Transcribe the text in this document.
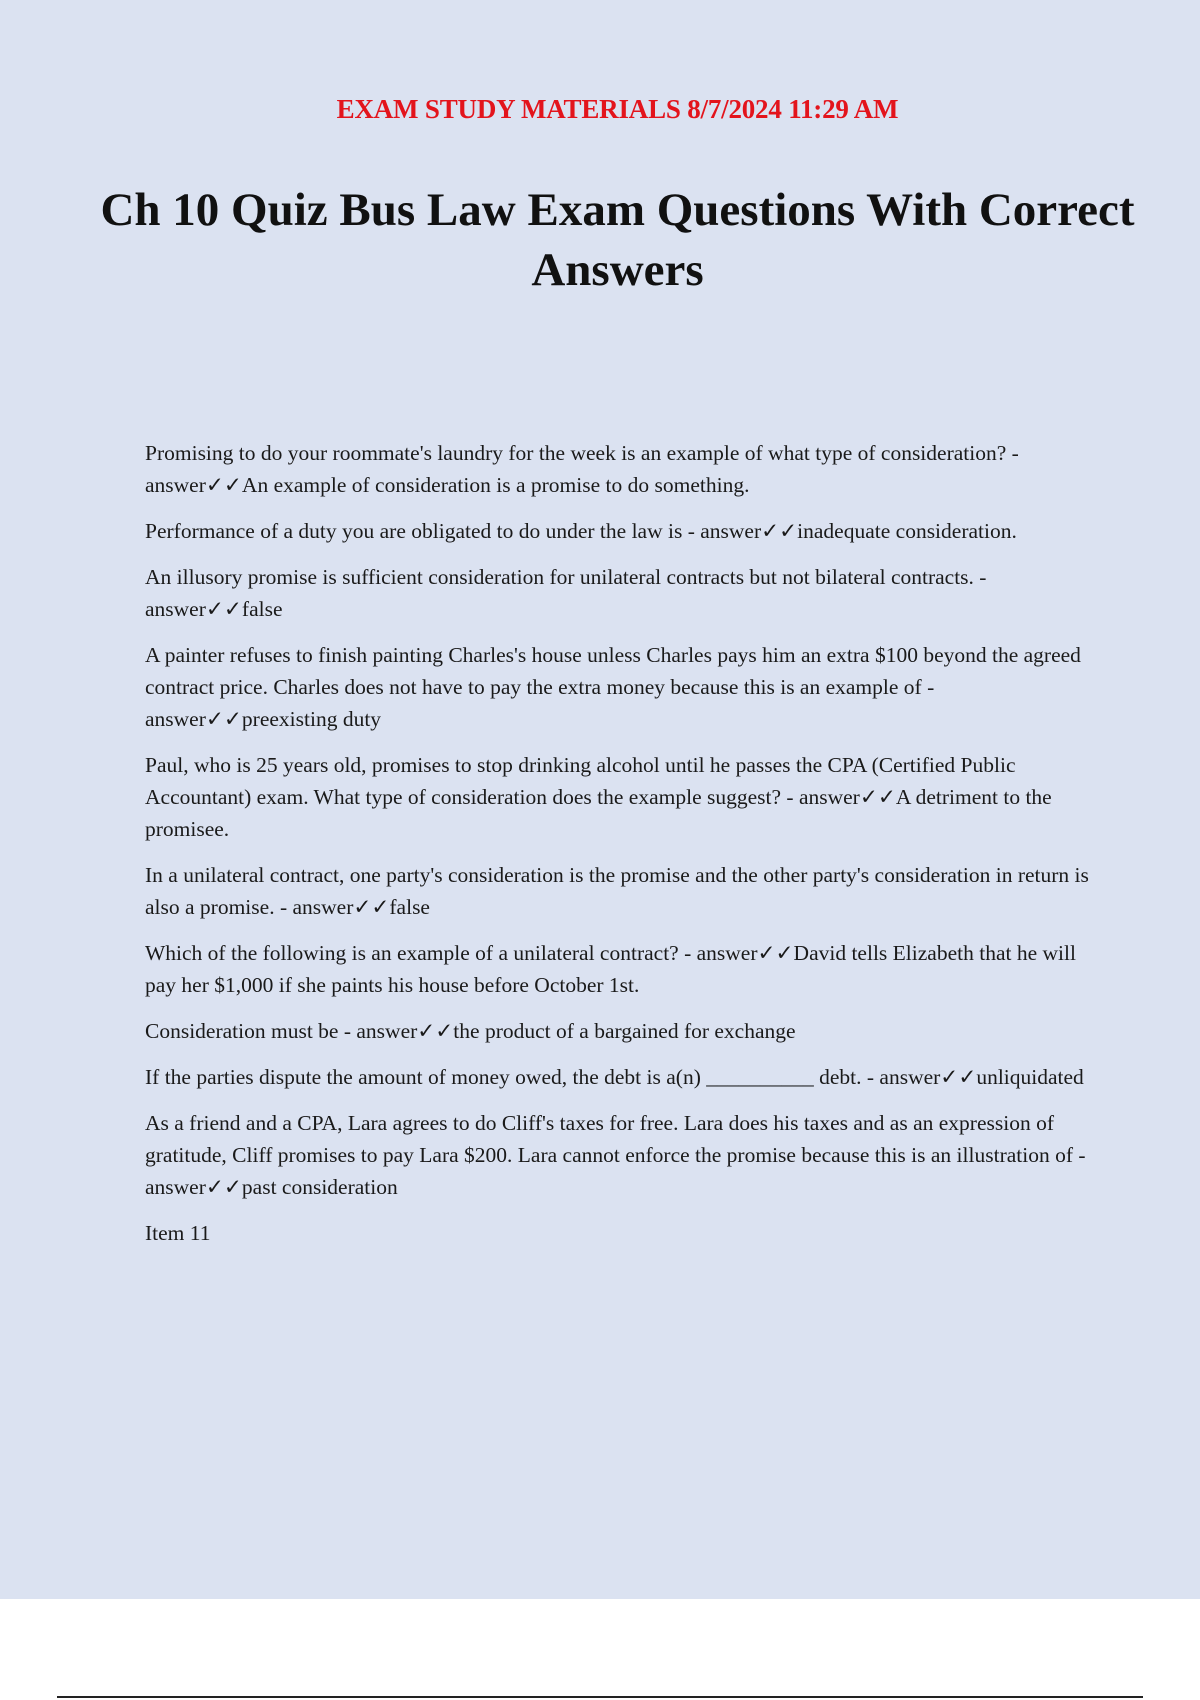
EXAM STUDY MATERIALS 8/7/2024 11:29 AM
Ch 10 Quiz Bus Law Exam Questions With Correct Answers

Promising to do your roommate's laundry for the week is an example of what type of consideration? - answer✓✓An example of consideration is a promise to do something.

Performance of a duty you are obligated to do under the law is - answer✓✓inadequate consideration.

An illusory promise is sufficient consideration for unilateral contracts but not bilateral contracts. - answer✓✓false

A painter refuses to finish painting Charles's house unless Charles pays him an extra $100 beyond the agreed contract price. Charles does not have to pay the extra money because this is an example of - answer✓✓preexisting duty

Paul, who is 25 years old, promises to stop drinking alcohol until he passes the CPA (Certified Public Accountant) exam. What type of consideration does the example suggest? - answer✓✓A detriment to the promisee.

In a unilateral contract, one party's consideration is the promise and the other party's consideration in return is also a promise. - answer✓✓false

Which of the following is an example of a unilateral contract? - answer✓✓David tells Elizabeth that he will pay her $1,000 if she paints his house before October 1st.

Consideration must be - answer✓✓the product of a bargained for exchange

If the parties dispute the amount of money owed, the debt is a(n) __________ debt. - answer✓✓unliquidated

As a friend and a CPA, Lara agrees to do Cliff's taxes for free. Lara does his taxes and as an expression of gratitude, Cliff promises to pay Lara $200. Lara cannot enforce the promise because this is an illustration of - answer✓✓past consideration

Item 11
